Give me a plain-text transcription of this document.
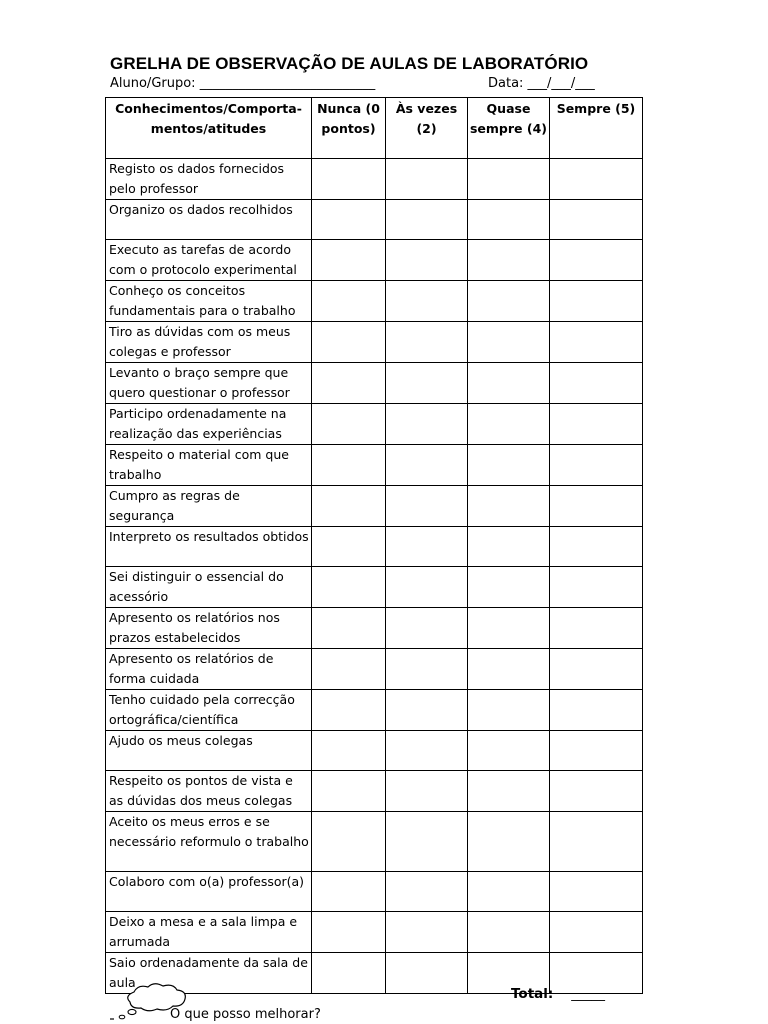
GRELHA DE OBSERVAÇÃO DE AULAS DE LABORATÓRIO
Aluno/Grupo: ___________________________	Data: ___/___/___
Conhecimentos/Comporta-mentos/atitudes	Nunca (0 pontos)	Às vezes (2)	Quase sempre (4)	Sempre (5)
Registo os dados fornecidos pelo professor				
Organizo os dados recolhidos				
Executo as tarefas de acordo com o protocolo experimental				
Conheço os conceitos fundamentais para o trabalho				
Tiro as dúvidas com os meus colegas e professor				
Levanto o braço sempre que quero questionar o professor				
Participo ordenadamente na realização das experiências				
Respeito o material com que trabalho				
Cumpro as regras de segurança				
Interpreto os resultados obtidos				
Sei distinguir o essencial do acessório				
Apresento os relatórios nos prazos estabelecidos				
Apresento os relatórios de forma cuidada				
Tenho cuidado pela correcção ortográfica/científica				
Ajudo os meus colegas				
Respeito os pontos de vista e as dúvidas dos meus colegas				
Aceito os meus erros e se necessário reformulo o trabalho				
Colaboro com o(a) professor(a)				
Deixo a mesa e a sala limpa e arrumada				
Saio ordenadamente da sala de aula				
Total: _____
O que posso melhorar?
